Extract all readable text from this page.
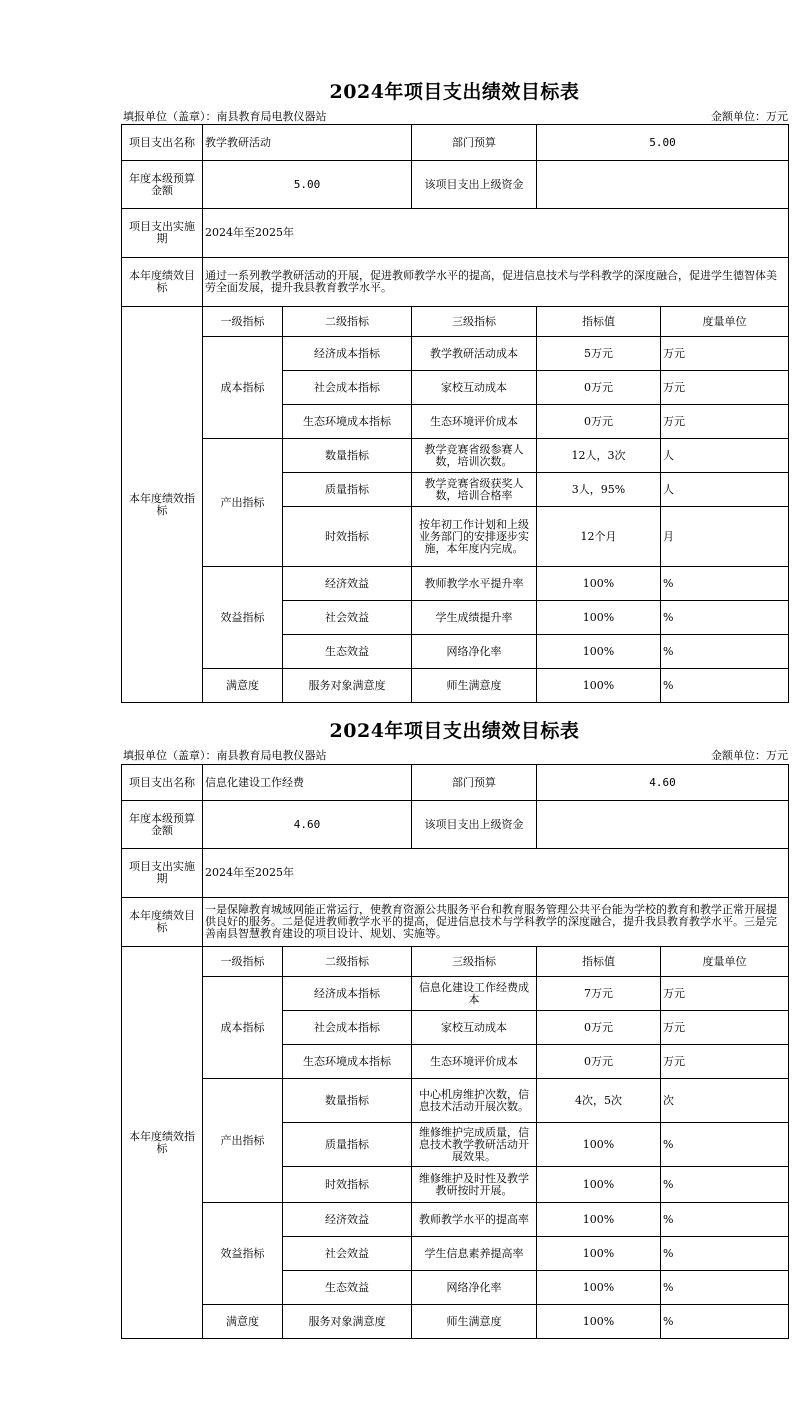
2024年项目支出绩效目标表
填报单位（盖章）：南县教育局电教仪器站	金额单位：万元
项目支出名称	教学教研活动		部门预算	5.00	
年度本级预算金额	5.00		该项目支出上级资金		
项目支出实施期	2024年至2025年				
本年度绩效目标	通过一系列教学教研活动的开展，促进教师教学水平的提高，促进信息技术与学科教学的深度融合，促进学生德智体美劳全面发展，提升我县教育教学水平。				
本年度绩效指标	一级指标	二级指标	三级指标	指标值	度量单位
	成本指标	经济成本指标	教学教研活动成本	5万元	万元
		社会成本指标	家校互动成本	0万元	万元
		生态环境成本指标	生态环境评价成本	0万元	万元
	产出指标	数量指标	教学竞赛省级参赛人数，培训次数。	12人，3次	人
		质量指标	教学竞赛省级获奖人数，培训合格率	3人，95%	人
		时效指标	按年初工作计划和上级业务部门的安排逐步实施，本年度内完成。	12个月	月
	效益指标	经济效益	教师教学水平提升率	100%	%
		社会效益	学生成绩提升率	100%	%
		生态效益	网络净化率	100%	%
	满意度	服务对象满意度	师生满意度	100%	%
2024年项目支出绩效目标表
填报单位（盖章）：南县教育局电教仪器站	金额单位：万元
项目支出名称	信息化建设工作经费		部门预算	4.60	
年度本级预算金额	4.60		该项目支出上级资金		
项目支出实施期	2024年至2025年				
本年度绩效目标	一是保障教育城域网能正常运行，使教育资源公共服务平台和教育服务管理公共平台能为学校的教育和教学正常开展提供良好的服务。二是促进教师教学水平的提高，促进信息技术与学科教学的深度融合，提升我县教育教学水平。三是完善南县智慧教育建设的项目设计、规划、实施等。				
本年度绩效指标	一级指标	二级指标	三级指标	指标值	度量单位
	成本指标	经济成本指标	信息化建设工作经费成本	7万元	万元
		社会成本指标	家校互动成本	0万元	万元
		生态环境成本指标	生态环境评价成本	0万元	万元
	产出指标	数量指标	中心机房维护次数，信息技术活动开展次数。	4次，5次	次
		质量指标	维修维护完成质量，信息技术教学教研活动开展效果。	100%	%
		时效指标	维修维护及时性及教学教研按时开展。	100%	%
	效益指标	经济效益	教师教学水平的提高率	100%	%
		社会效益	学生信息素养提高率	100%	%
		生态效益	网络净化率	100%	%
	满意度	服务对象满意度	师生满意度	100%	%
